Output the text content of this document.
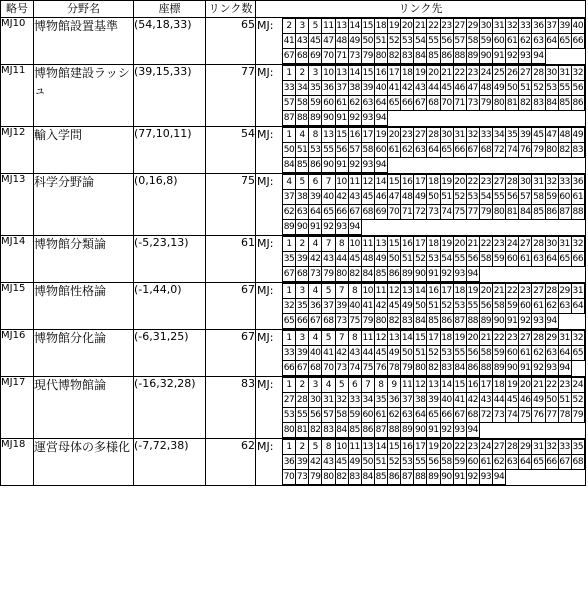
略号	分野名	座標	リンク数	リンク先
MJ10	博物館設置基準	(54,18,33)	65	MJ:	2	3	5	11	13	14	15	18	19	20	21	22	23	27	29	30	31	32	33	36	37	39	40
41	43	45	47	48	49	50	51	52	53	54	55	56	57	58	59	60	61	62	63	64	65	66
67	68	69	70	71	73	79	80	82	83	84	85	86	88	89	90	91	92	93	94			

MJ11	博物館建設ラッシュ	(39,15,33)	77	MJ:	1	2	3	10	13	14	15	16	17	18	19	20	21	22	23	24	25	26	27	28	30	31	32
33	34	35	36	37	38	39	40	41	42	43	44	45	46	47	48	49	50	51	52	53	55	56
57	58	59	60	61	62	63	64	65	66	67	68	70	71	73	79	80	81	82	83	84	85	86
87	88	89	90	91	92	93	94															

MJ12	輸入学問	(77,10,11)	54	MJ:	1	4	8	13	15	16	17	19	20	23	27	28	30	31	32	33	34	35	39	45	47	48	49
50	51	53	55	56	57	58	60	61	62	63	64	65	66	67	68	72	74	76	79	80	82	83
84	85	86	90	91	92	93	94															

MJ13	科学分野論	(0,16,8)	75	MJ:	4	5	6	7	10	11	12	14	15	16	17	18	19	20	22	23	27	28	30	31	32	33	36
37	38	39	40	42	43	45	46	47	48	49	50	51	52	53	54	55	56	57	58	59	60	61
62	63	64	65	66	67	68	69	70	71	72	73	74	75	77	79	80	81	84	85	86	87	88
89	90	91	92	93	94																	

MJ14	博物館分類論	(-5,23,13)	61	MJ:	1	2	4	7	8	10	11	13	15	16	17	18	19	20	21	22	23	24	27	28	30	31	32
35	39	42	43	44	45	48	49	50	51	52	53	54	55	56	58	59	60	61	63	64	65	66
67	68	73	79	80	82	84	85	86	89	90	91	92	93	94								

MJ15	博物館性格論	(-1,44,0)	67	MJ:	1	3	4	5	7	8	10	11	12	13	14	16	17	18	19	20	21	22	23	27	28	29	31
32	35	36	37	39	40	41	42	45	49	50	51	52	53	55	56	58	59	60	61	62	63	64
65	66	67	68	73	75	79	80	82	83	84	85	86	87	88	89	90	91	92	93	94		

MJ16	博物館分化論	(-6,31,25)	67	MJ:	1	3	4	5	7	8	11	12	13	14	15	17	18	19	20	21	22	23	27	28	29	31	32
33	39	40	41	42	43	44	45	49	50	51	52	53	55	56	58	59	60	61	62	63	64	65
66	67	68	70	73	74	75	76	78	79	80	82	83	84	86	88	89	90	91	92	93	94	

MJ17	現代博物館論	(-16,32,28)	83	MJ:	1	2	3	4	5	6	7	8	9	11	12	13	14	15	16	17	18	19	20	21	22	23	24
27	28	30	31	32	33	34	35	36	37	38	39	40	41	42	43	44	45	46	49	50	51	52
53	55	56	57	58	59	60	61	62	63	64	65	66	67	68	72	73	74	75	76	77	78	79
80	81	82	83	84	85	86	87	88	89	90	91	92	93	94								

MJ18	運営母体の多様化	(-7,72,38)	62	MJ:	1	2	5	8	10	11	13	14	15	16	17	19	20	22	23	24	27	28	29	31	32	33	35
36	39	42	43	45	49	50	51	52	53	55	56	58	59	60	61	62	63	64	65	66	67	68
70	73	79	80	82	83	84	85	86	87	88	89	90	91	92	93	94						
